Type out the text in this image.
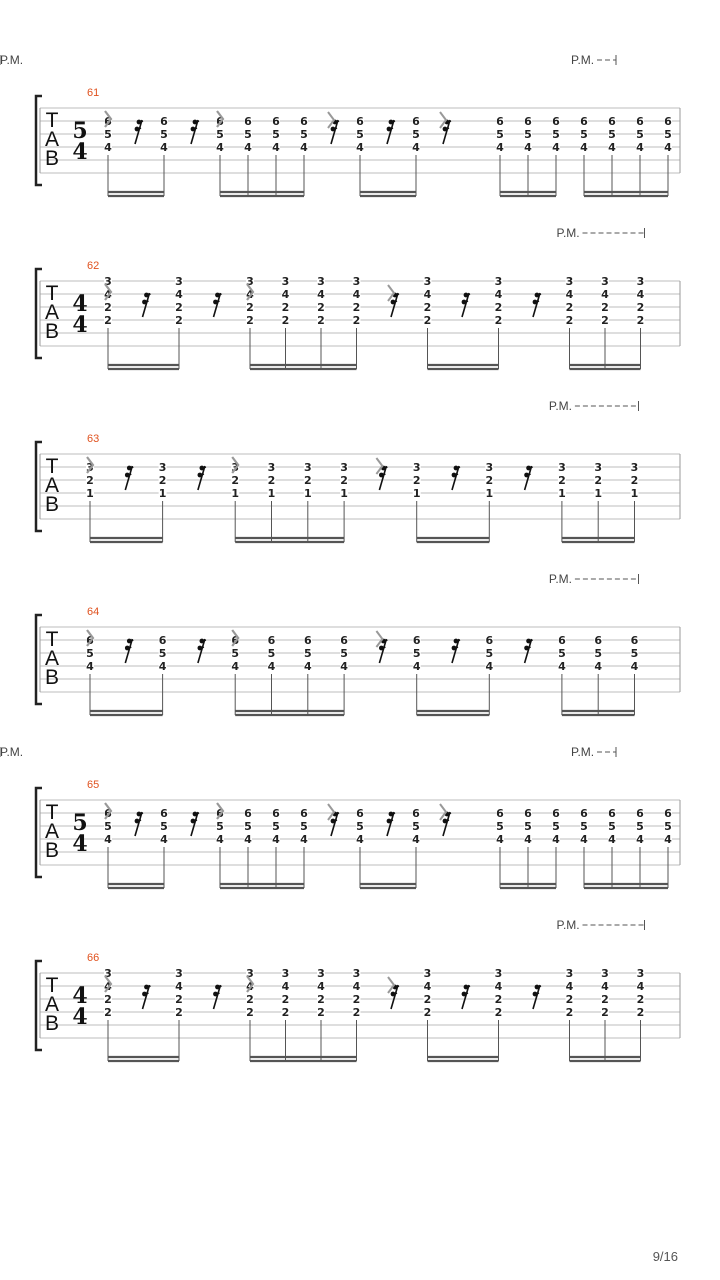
T
A
B
61
5
4
6
5
4
6
5
4
6
5
4
6
5
4
6
5
4
6
5
4
6
5
4
6
5
4
6
5
4
6
5
4
6
5
4
6
5
4
6
5
4
6
5
4
6
5
4
P.M.
P.M.
T
A
B
62
4
4
3
4
2
2
3
4
2
2
3
4
2
2
3
4
2
2
3
4
2
2
3
4
2
2
3
4
2
2
3
4
2
2
3
4
2
2
3
4
2
2
3
4
2
2
P.M.
T
A
B
63
3
2
1
3
2
1
3
2
1
3
2
1
3
2
1
3
2
1
3
2
1
3
2
1
3
2
1
3
2
1
3
2
1
P.M.
T
A
B
64
6
5
4
6
5
4
6
5
4
6
5
4
6
5
4
6
5
4
6
5
4
6
5
4
6
5
4
6
5
4
6
5
4
P.M.
T
A
B
65
5
4
6
5
4
6
5
4
6
5
4
6
5
4
6
5
4
6
5
4
6
5
4
6
5
4
6
5
4
6
5
4
6
5
4
6
5
4
6
5
4
6
5
4
6
5
4
P.M.
P.M.
T
A
B
66
4
4
3
4
2
2
3
4
2
2
3
4
2
2
3
4
2
2
3
4
2
2
3
4
2
2
3
4
2
2
3
4
2
2
3
4
2
2
3
4
2
2
3
4
2
2
P.M.
9/16
